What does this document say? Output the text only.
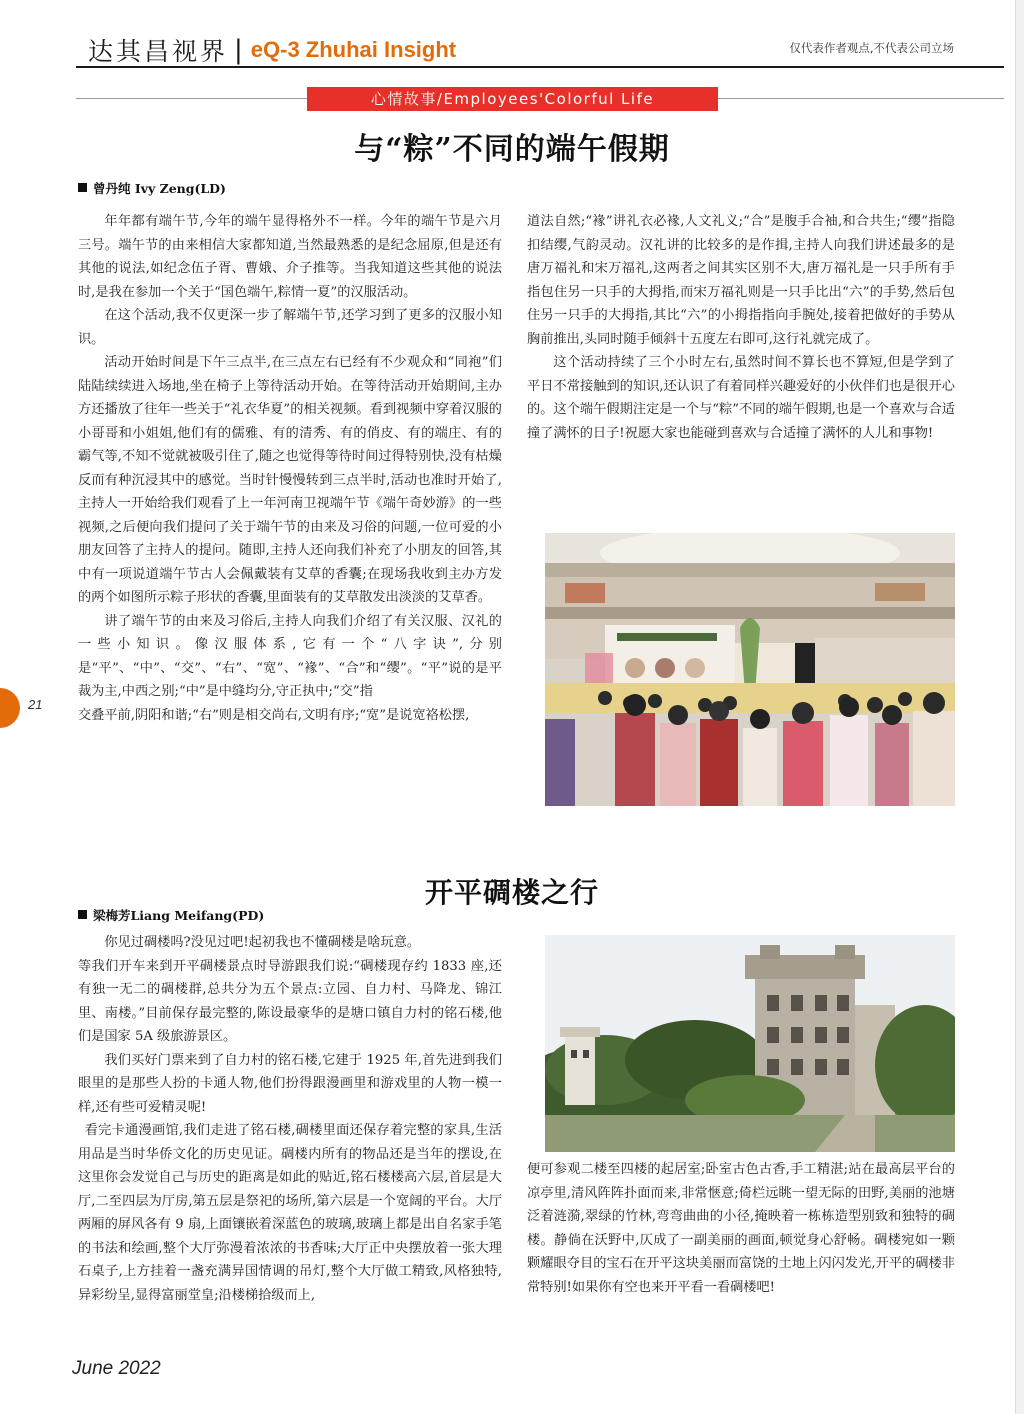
达其昌视界 | eQ-3 Zhuhai Insight	仅代表作者观点,不代表公司立场
心情故事/Employees'Colorful Life
与“粽”不同的端午假期
曾丹纯 Ivy Zeng(LD)

年年都有端午节,今年的端午显得格外不一样。今年的端午节是六月三号。端午节的由来相信大家都知道,当然最熟悉的是纪念屈原,但是还有其他的说法,如纪念伍子胥、曹娥、介子推等。当我知道这些其他的说法时,是我在参加一个关于“国色端午,粽情一夏”的汉服活动。

在这个活动,我不仅更深一步了解端午节,还学习到了更多的汉服小知识。

活动开始时间是下午三点半,在三点左右已经有不少观众和“同袍”们陆陆续续进入场地,坐在椅子上等待活动开始。在等待活动开始期间,主办方还播放了往年一些关于“礼衣华夏”的相关视频。看到视频中穿着汉服的小哥哥和小姐姐,他们有的儒雅、有的清秀、有的俏皮、有的端庄、有的霸气等,不知不觉就被吸引住了,随之也觉得等待时间过得特别快,没有枯燥反而有种沉浸其中的感觉。当时针慢慢转到三点半时,活动也准时开始了,主持人一开始给我们观看了上一年河南卫视端午节《端午奇妙游》的一些视频,之后便向我们提问了关于端午节的由来及习俗的问题,一位可爱的小朋友回答了主持人的提问。随即,主持人还向我们补充了小朋友的回答,其中有一项说道端午节古人会佩戴装有艾草的香囊;在现场我收到主办方发的两个如图所示粽子形状的香囊,里面装有的艾草散发出淡淡的艾草香。

讲了端午节的由来及习俗后,主持人向我们介绍了有关汉服、汉礼的一些小知识。像汉服体系,它有一个“八字诀”,分别是“平”、“中”、“交”、“右”、“宽”、“褖”、“合”和“缨”。“平”说的是平裁为主,中西之别;“中”是中缝均分,守正执中;“交”指

交叠平前,阴阳和谐;“右”则是相交尚右,文明有序;“宽”是说宽袼松摆,

道法自然;“褖”讲礼衣必褖,人文礼义;“合”是腹手合袖,和合共生;“缨”指隐扣结缨,气韵灵动。汉礼讲的比较多的是作揖,主持人向我们讲述最多的是唐万福礼和宋万福礼,这两者之间其实区别不大,唐万福礼是一只手所有手指包住另一只手的大拇指,而宋万福礼则是一只手比出“六”的手势,然后包住另一只手的大拇指,其比“六”的小拇指指向手腕处,接着把做好的手势从胸前推出,头同时随手倾斜十五度左右即可,这行礼就完成了。

这个活动持续了三个小时左右,虽然时间不算长也不算短,但是学到了平日不常接触到的知识,还认识了有着同样兴趣爱好的小伙伴们也是很开心的。这个端午假期注定是一个与“粽”不同的端午假期,也是一个喜欢与合适撞了满怀的日子!祝愿大家也能碰到喜欢与合适撞了满怀的人儿和事物!

开平碉楼之行
梁梅芳Liang Meifang(PD)

你见过碉楼吗?没见过吧!起初我也不懂碉楼是啥玩意。

等我们开车来到开平碉楼景点时导游跟我们说:“碉楼现存约 1833 座,还有独一无二的碉楼群,总共分为五个景点:立园、自力村、马降龙、锦江里、南楼。”目前保存最完整的,陈设最豪华的是塘口镇自力村的铭石楼,他们是国家 5A 级旅游景区。

我们买好门票来到了自力村的铭石楼,它建于 1925 年,首先进到我们眼里的是那些人扮的卡通人物,他们扮得跟漫画里和游戏里的人物一模一样,还有些可爱精灵呢!

看完卡通漫画馆,我们走进了铭石楼,碉楼里面还保存着完整的家具,生活用品是当时华侨文化的历史见证。碉楼内所有的物品还是当年的摆设,在这里你会发觉自己与历史的距离是如此的贴近,铭石楼楼高六层,首层是大厅,二至四层为厅房,第五层是祭祀的场所,第六层是一个宽阔的平台。大厅两厢的屏风各有 9 扇,上面镶嵌着深蓝色的玻璃,玻璃上都是出自名家手笔的书法和绘画,整个大厅弥漫着浓浓的书香味;大厅正中央摆放着一张大理石桌子,上方挂着一盏充满异国情调的吊灯,整个大厅做工精致,风格独特,异彩纷呈,显得富丽堂皇;沿楼梯拾级而上,

便可参观二楼至四楼的起居室;卧室古色古香,手工精湛;站在最高层平台的凉亭里,清风阵阵扑面而来,非常惬意;倚栏远眺一望无际的田野,美丽的池塘泛着涟漪,翠绿的竹林,弯弯曲曲的小径,掩映着一栋栋造型别致和独特的碉楼。静倘在沃野中,仄成了一副美丽的画面,顿觉身心舒畅。碉楼宛如一颗颗耀眼夺目的宝石在开平这块美丽而富饶的土地上闪闪发光,开平的碉楼非常特别!如果你有空也来开平看一看碉楼吧!

21
June 2022
